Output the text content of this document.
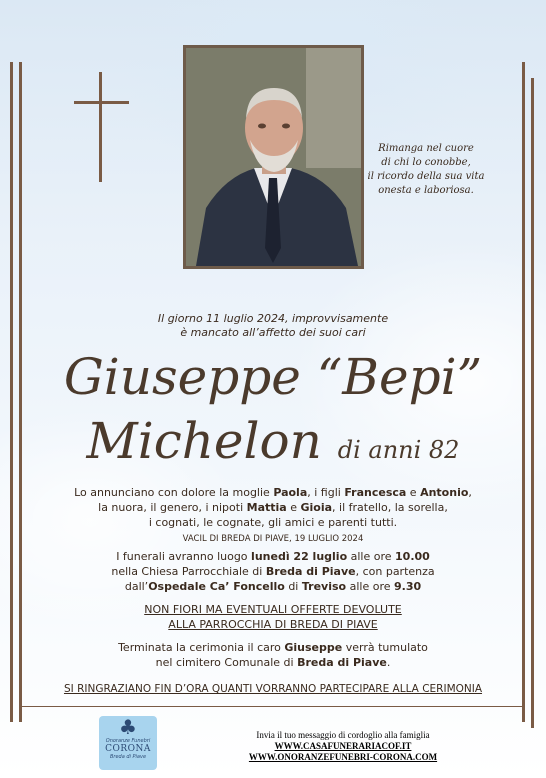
Rimanga nel cuore
di chi lo conobbe,
il ricordo della sua vita
onesta e laboriosa.
Il giorno 11 luglio 2024, improvvisamente
è mancato all’affetto dei suoi cari
Giuseppe “Bepi”
Michelon di anni 82
Lo annunciano con dolore la moglie Paola, i figli Francesca e Antonio,
la nuora, il genero, i nipoti Mattia e Gioia, il fratello, la sorella,
i cognati, le cognate, gli amici e parenti tutti.
VACIL DI BREDA DI PIAVE, 19 LUGLIO 2024
I funerali avranno luogo lunedì 22 luglio alle ore 10.00
nella Chiesa Parrocchiale di Breda di Piave, con partenza
dall’Ospedale Ca’ Foncello di Treviso alle ore 9.30
NON FIORI MA EVENTUALI OFFERTE DEVOLUTE
ALLA PARROCCHIA DI BREDA DI PIAVE
Terminata la cerimonia il caro Giuseppe verrà tumulato
nel cimitero Comunale di Breda di Piave.
SI RINGRAZIANO FIN D’ORA QUANTI VORRANNO PARTECIPARE ALLA CERIMONIA
♣
Onoranze Funebri
CORONA
Breda di Piave
Invia il tuo messaggio di cordoglio alla famiglia
WWW.CASAFUNERARIACOF.IT
WWW.ONORANZEFUNEBRI-CORONA.COM
